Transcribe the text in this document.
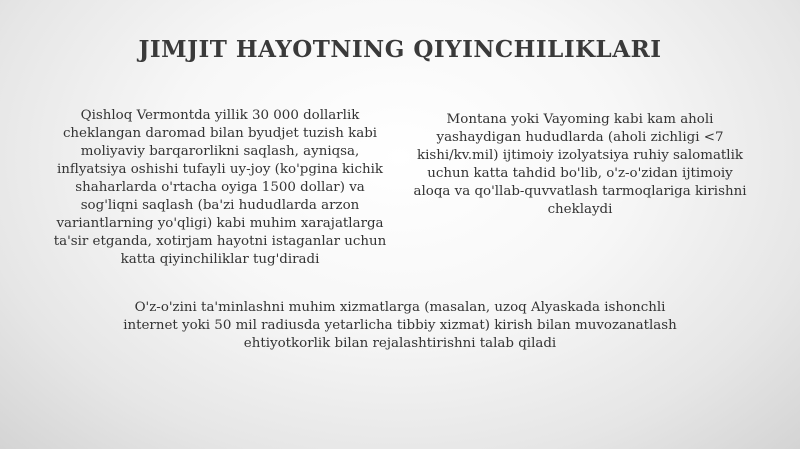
JIMJIT HAYOTNING QIYINCHILIKLARI

Qishloq Vermontda yillik 30 000 dollarlik cheklangan daromad bilan byudjet tuzish kabi moliyaviy barqarorlikni saqlash, ayniqsa, inflyatsiya oshishi tufayli uy-joy (ko'pgina kichik shaharlarda o'rtacha oyiga 1500 dollar) va sog'liqni saqlash (ba'zi hududlarda arzon variantlarning yo'qligi) kabi muhim xarajatlarga ta'sir etganda, xotirjam hayotni istaganlar uchun katta qiyinchiliklar tug'diradi

Montana yoki Vayoming kabi kam aholi yashaydigan hududlarda (aholi zichligi <7 kishi/kv.mil) ijtimoiy izolyatsiya ruhiy salomatlik uchun katta tahdid bo'lib, o'z-o'zidan ijtimoiy aloqa va qo'llab-quvvatlash tarmoqlariga kirishni cheklaydi

O'z-o'zini ta'minlashni muhim xizmatlarga (masalan, uzoq Alyaskada ishonchli internet yoki 50 mil radiusda yetarlicha tibbiy xizmat) kirish bilan muvozanatlash ehtiyotkorlik bilan rejalashtirishni talab qiladi
